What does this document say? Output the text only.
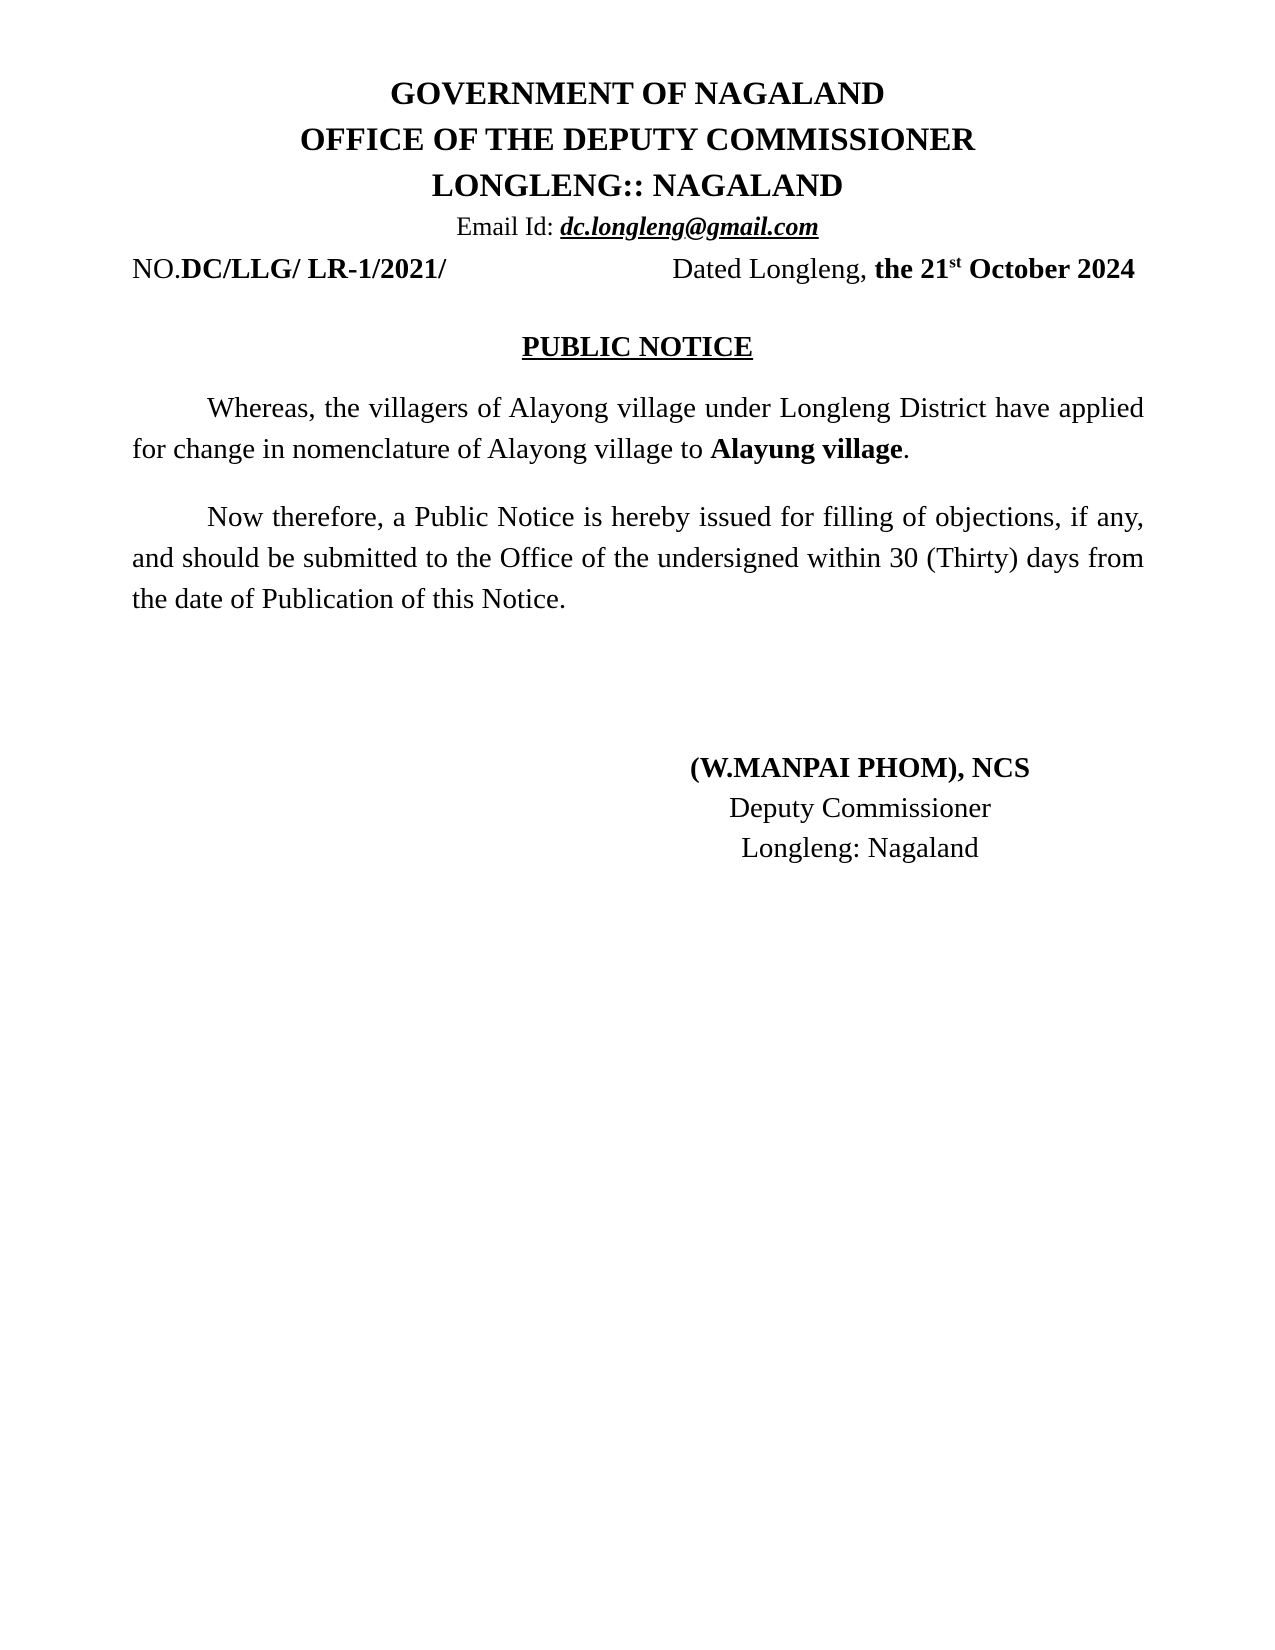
GOVERNMENT OF NAGALAND
OFFICE OF THE DEPUTY COMMISSIONER
LONGLENG:: NAGALAND
Email Id: dc.longleng@gmail.com
NO.DC/LLG/ LR-1/2021/	Dated Longleng, the 21st October 2024
PUBLIC NOTICE

Whereas, the villagers of Alayong village under Longleng District have applied for change in nomenclature of Alayong village to Alayung village.

Now therefore, a Public Notice is hereby issued for filling of objections, if any, and should be submitted to the Office of the undersigned within 30 (Thirty) days from the date of Publication of this Notice.

(W.MANPAI PHOM), NCS
Deputy Commissioner
Longleng: Nagaland
